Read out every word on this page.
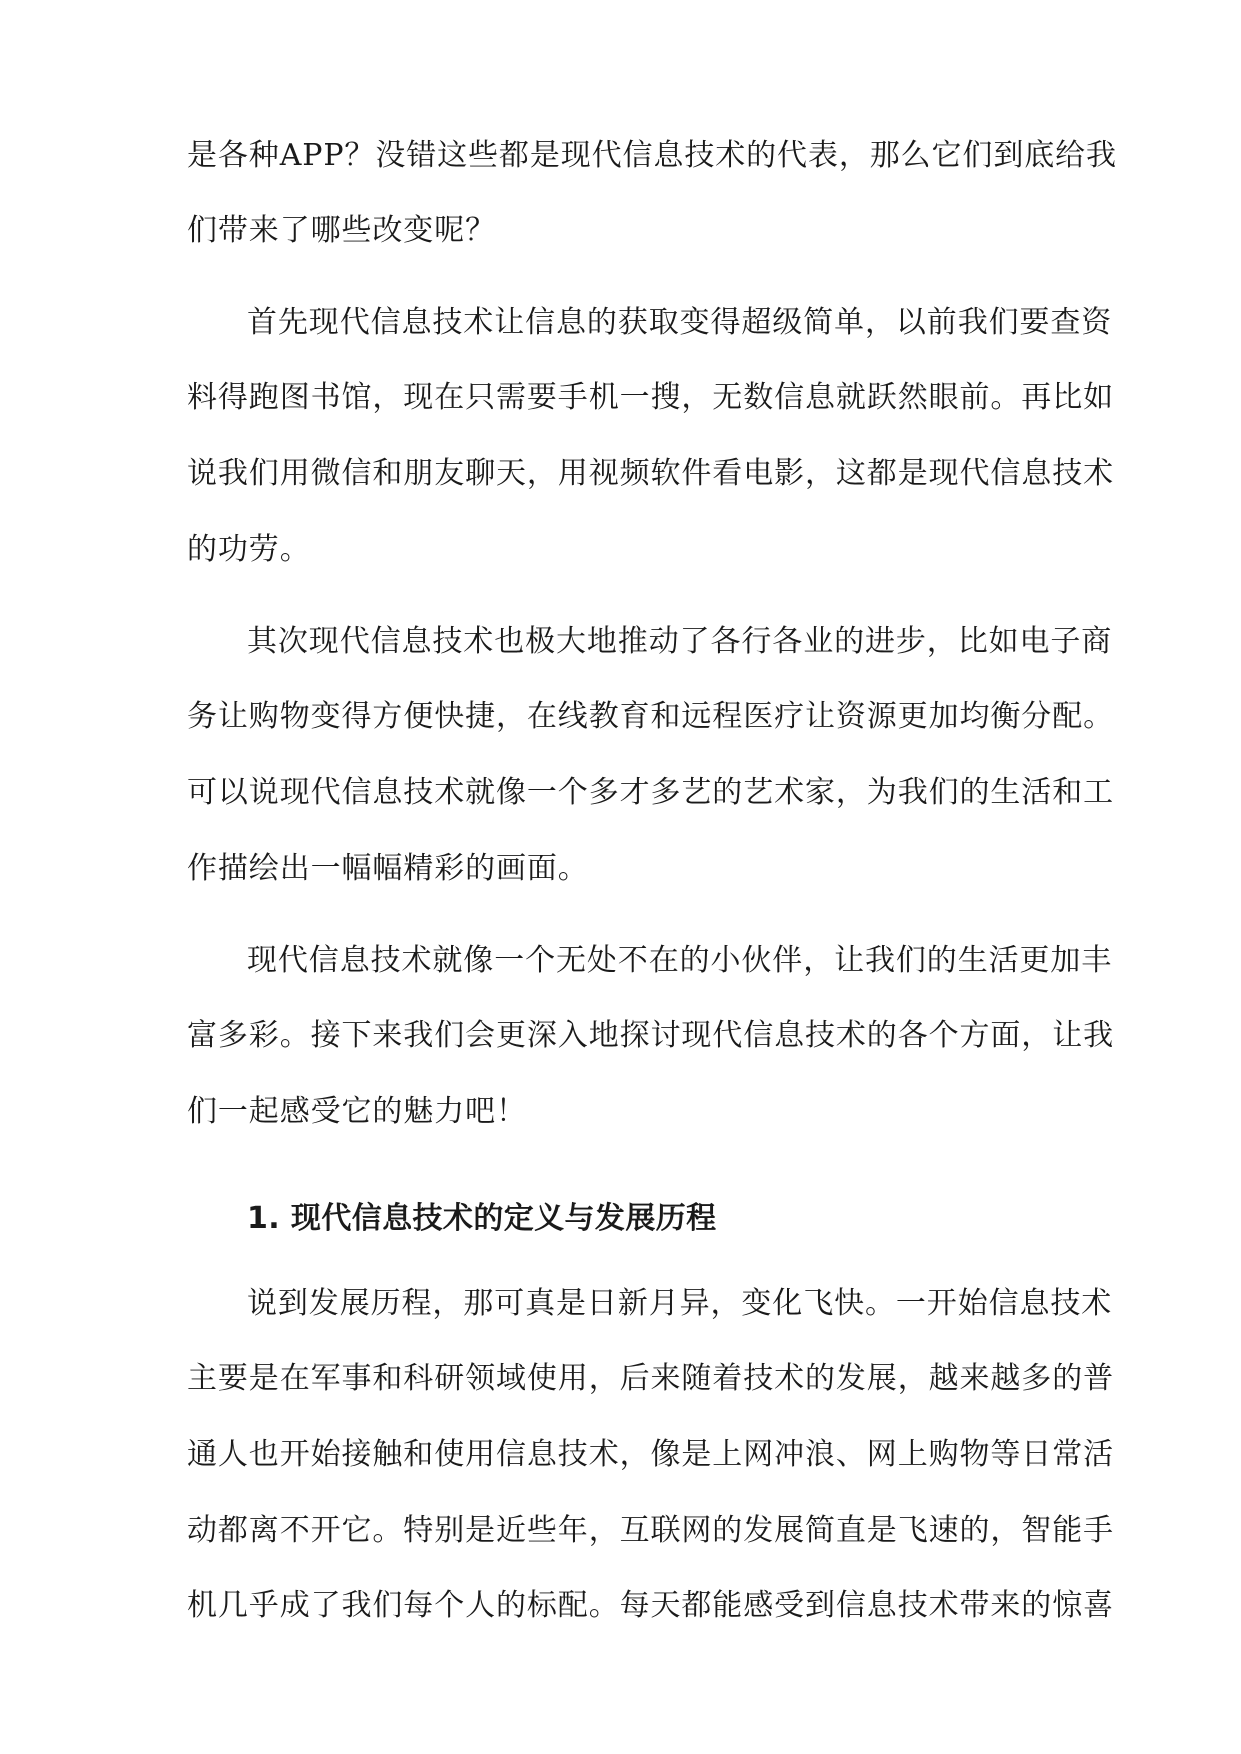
是各种APP？没错这些都是现代信息技术的代表，那么它们到底给我
们带来了哪些改变呢？
首先现代信息技术让信息的获取变得超级简单，以前我们要查资
料得跑图书馆，现在只需要手机一搜，无数信息就跃然眼前。再比如
说我们用微信和朋友聊天，用视频软件看电影，这都是现代信息技术
的功劳。
其次现代信息技术也极大地推动了各行各业的进步，比如电子商
务让购物变得方便快捷，在线教育和远程医疗让资源更加均衡分配。
可以说现代信息技术就像一个多才多艺的艺术家，为我们的生活和工
作描绘出一幅幅精彩的画面。
现代信息技术就像一个无处不在的小伙伴，让我们的生活更加丰
富多彩。接下来我们会更深入地探讨现代信息技术的各个方面，让我
们一起感受它的魅力吧！
1. 现代信息技术的定义与发展历程
说到发展历程，那可真是日新月异，变化飞快。一开始信息技术
主要是在军事和科研领域使用，后来随着技术的发展，越来越多的普
通人也开始接触和使用信息技术，像是上网冲浪、网上购物等日常活
动都离不开它。特别是近些年，互联网的发展简直是飞速的，智能手
机几乎成了我们每个人的标配。每天都能感受到信息技术带来的惊喜
